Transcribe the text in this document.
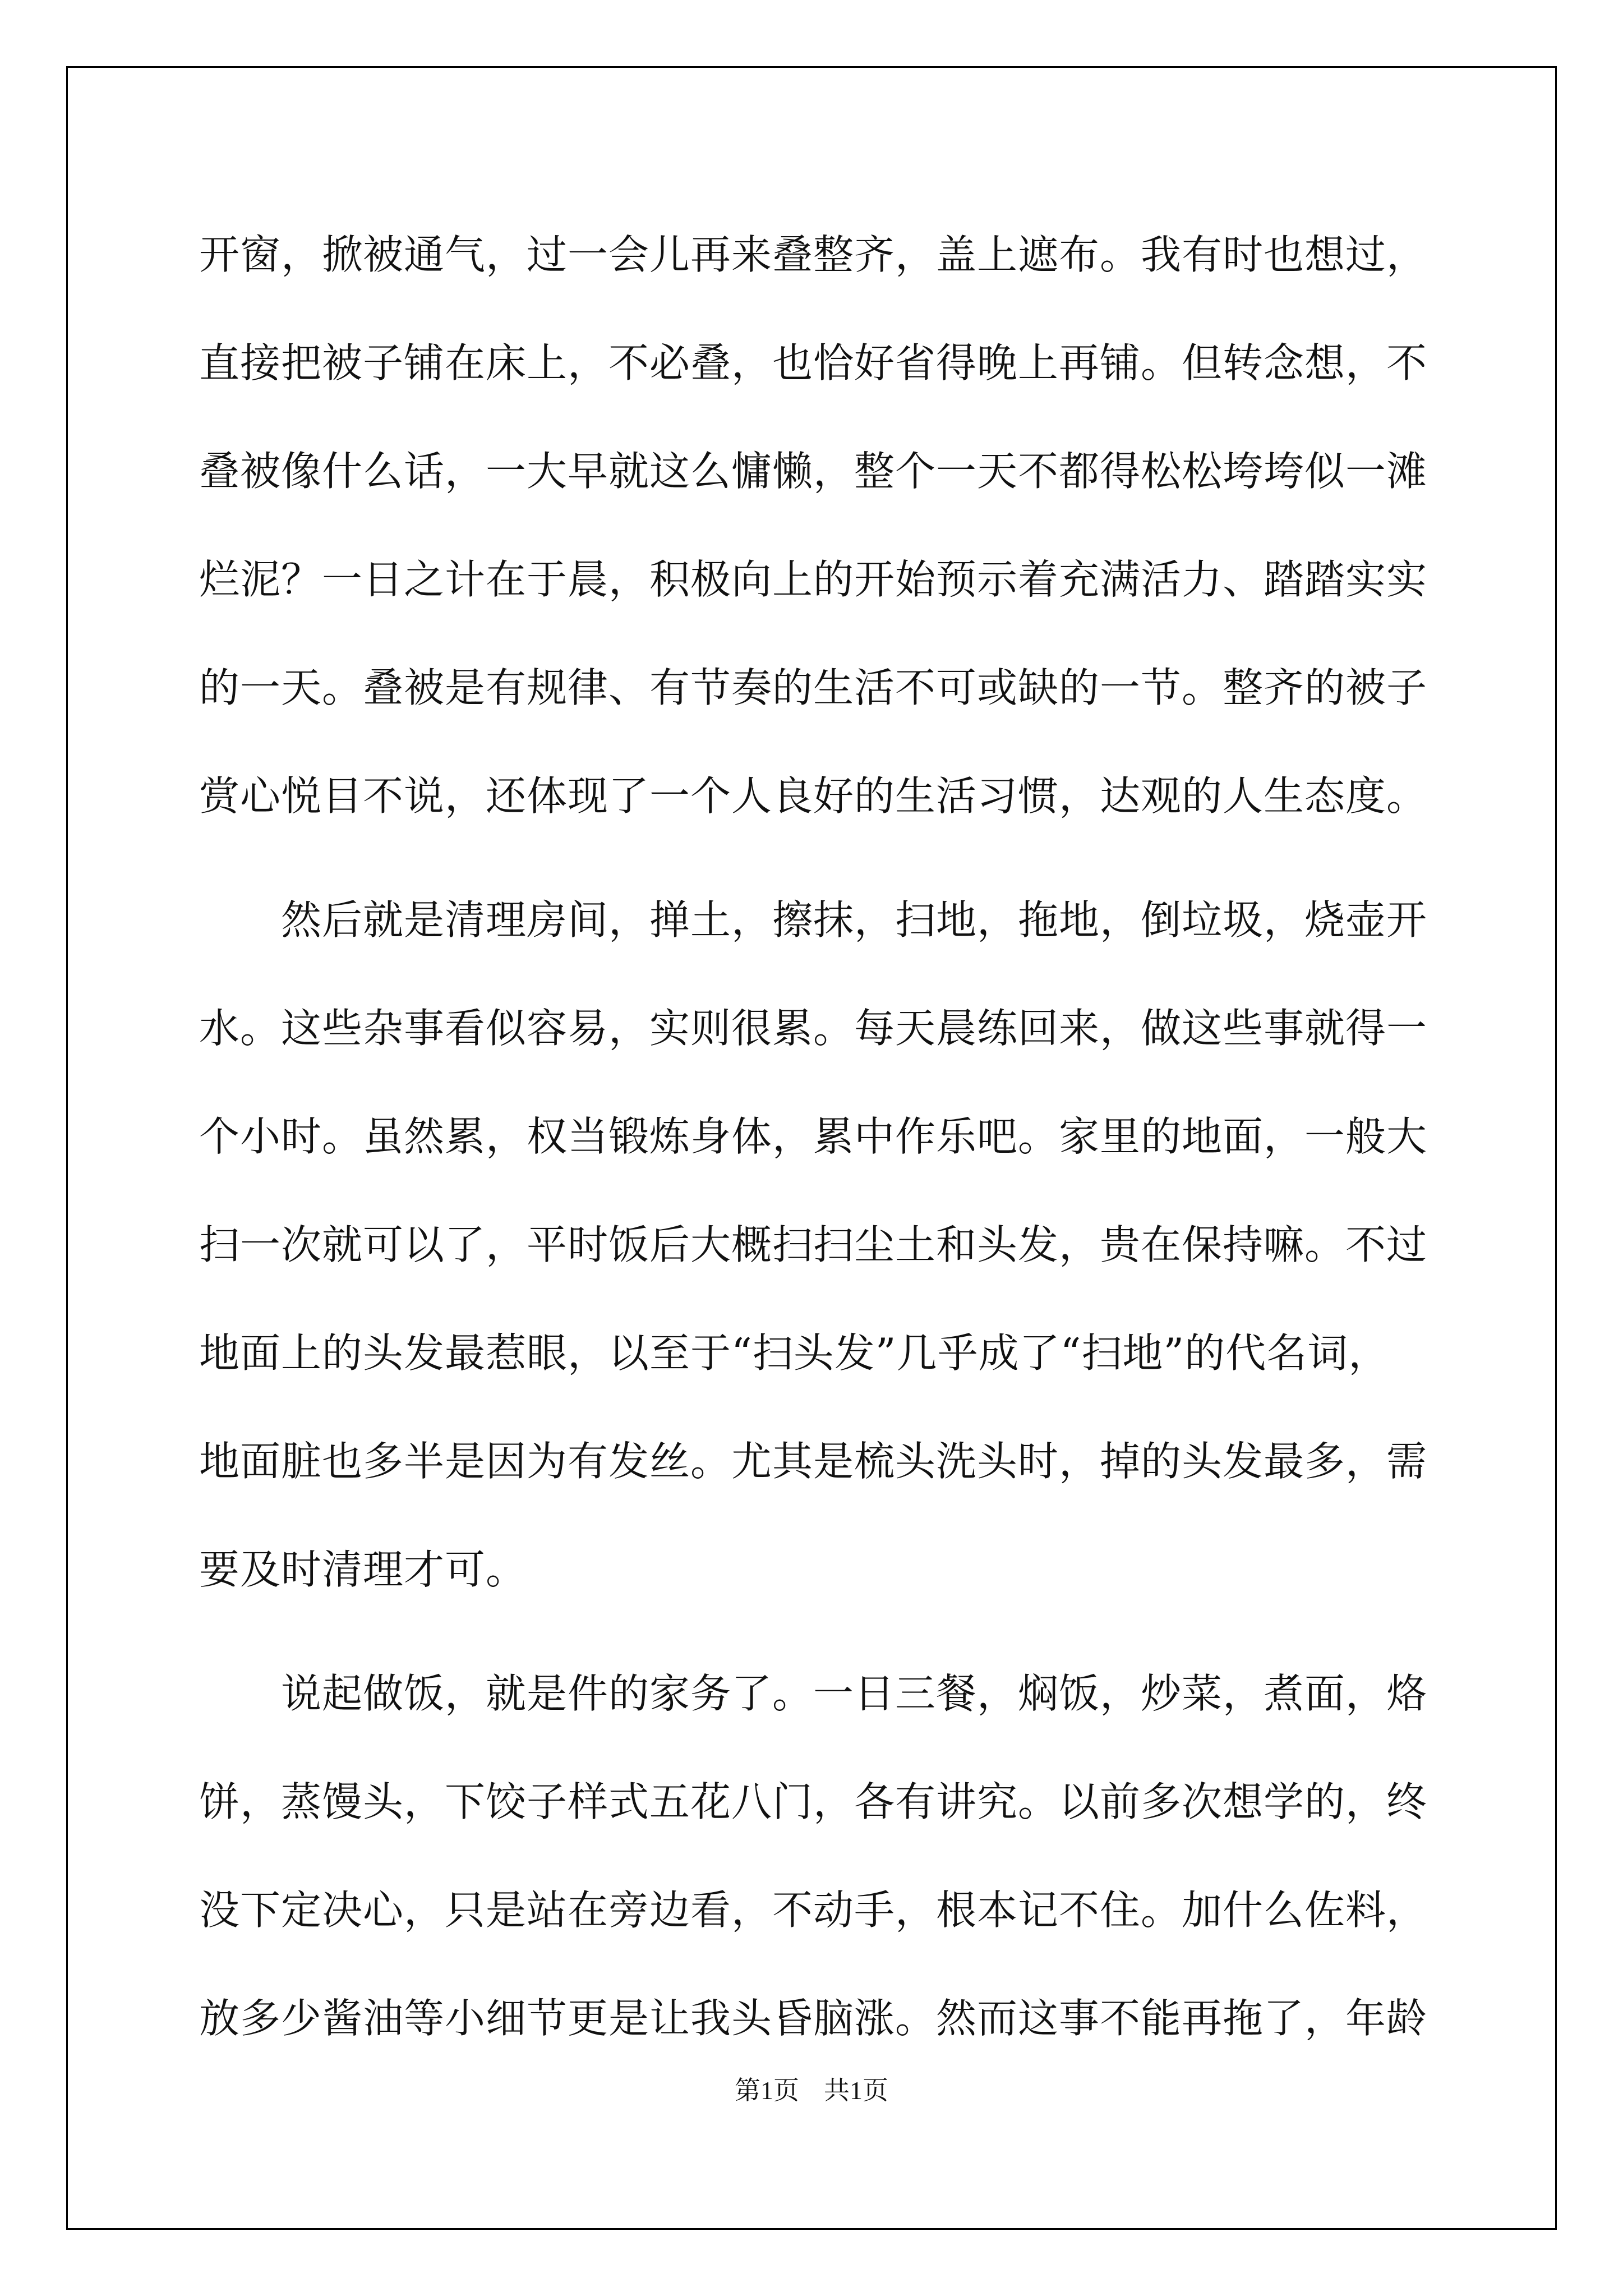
开窗，掀被通气，过一会儿再来叠整齐，盖上遮布。我有时也想过，
直接把被子铺在床上，不必叠，也恰好省得晚上再铺。但转念想，不
叠被像什么话，一大早就这么慵懒，整个一天不都得松松垮垮似一滩
烂泥？一日之计在于晨，积极向上的开始预示着充满活力、踏踏实实
的一天。叠被是有规律、有节奏的生活不可或缺的一节。整齐的被子
赏心悦目不说，还体现了一个人良好的生活习惯，达观的人生态度。
　　然后就是清理房间，掸土，擦抹，扫地，拖地，倒垃圾，烧壶开
水。这些杂事看似容易，实则很累。每天晨练回来，做这些事就得一
个小时。虽然累，权当锻炼身体，累中作乐吧。家里的地面，一般大
扫一次就可以了，平时饭后大概扫扫尘土和头发，贵在保持嘛。不过
地面上的头发最惹眼，以至于“扫头发”几乎成了“扫地”的代名词，
地面脏也多半是因为有发丝。尤其是梳头洗头时，掉的头发最多，需
要及时清理才可。
　　说起做饭，就是件的家务了。一日三餐，焖饭，炒菜，煮面，烙
饼，蒸馒头，下饺子样式五花八门，各有讲究。以前多次想学的，终
没下定决心，只是站在旁边看，不动手，根本记不住。加什么佐料，
放多少酱油等小细节更是让我头昏脑涨。然而这事不能再拖了，年龄
第1页 共1页
